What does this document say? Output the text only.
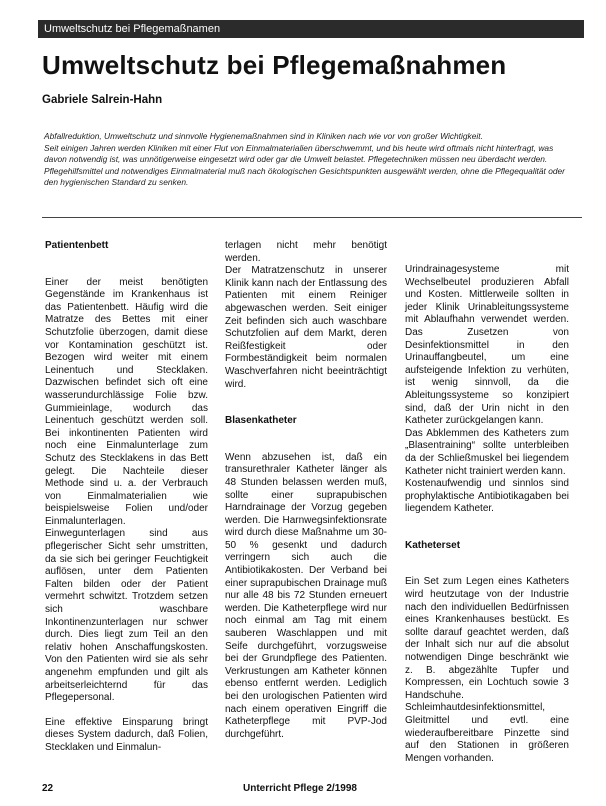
Umweltschutz bei Pflegemaßnamen
Umweltschutz bei Pflegemaßnahmen
Gabriele Salrein-Hahn

Abfallreduktion, Umweltschutz und sinnvolle Hygienemaßnahmen sind in Kliniken nach wie vor von großer Wichtigkeit.

Seit einigen Jahren werden Kliniken mit einer Flut von Einmalmaterialien überschwemmt, und bis heute wird oftmals nicht hinterfragt, was davon notwendig ist, was unnötigerweise eingesetzt wird oder gar die Umwelt belastet. Pflegetechniken müssen neu überdacht werden. Pflegehilfsmittel und notwendiges Einmalmaterial muß nach ökologischen Gesichtspunkten ausgewählt werden, ohne die Pflegequalität oder den hygienischen Standard zu senken.

Patientenbett

Einer der meist benötigten Gegenstände im Krankenhaus ist das Patientenbett. Häufig wird die Matratze des Bettes mit einer Schutzfolie überzogen, damit diese vor Kontamination geschützt ist. Bezogen wird weiter mit einem Leinentuch und Stecklaken. Dazwischen befindet sich oft eine wasserundurchlässige Folie bzw. Gummieinlage, wodurch das Leinentuch geschützt werden soll. Bei inkontinenten Patienten wird noch eine Einmalunterlage zum Schutz des Stecklakens in das Bett gelegt. Die Nachteile dieser Methode sind u. a. der Verbrauch von Einmalmaterialien wie beispielsweise Folien und/oder Einmalunterlagen. Einwegunterlagen sind aus pflegerischer Sicht sehr umstritten, da sie sich bei geringer Feuchtigkeit auflösen, unter dem Patienten Falten bilden oder der Patient vermehrt schwitzt. Trotzdem setzen sich waschbare Inkontinenzunterlagen nur schwer durch. Dies liegt zum Teil an den relativ hohen Anschaffungskosten. Von den Patienten wird sie als sehr angenehm empfunden und gilt als arbeitserleichternd für das Pflegepersonal.

Eine effektive Einsparung bringt dieses System dadurch, daß Folien, Stecklaken und Einmalun-

terlagen nicht mehr benötigt werden.

Der Matratzenschutz in unserer Klinik kann nach der Entlassung des Patienten mit einem Reiniger abgewaschen werden. Seit einiger Zeit befinden sich auch waschbare Schutzfolien auf dem Markt, deren Reißfestigkeit oder Formbeständigkeit beim normalen Waschverfahren nicht beeinträchtigt wird.

Blasenkatheter

Wenn abzusehen ist, daß ein transurethraler Katheter länger als 48 Stunden belassen werden muß, sollte einer suprapubischen Harndrainage der Vorzug gegeben werden. Die Harnwegsinfektionsrate wird durch diese Maßnahme um 30-50 % gesenkt und dadurch verringern sich auch die Antibiotikakosten. Der Verband bei einer suprapubischen Drainage muß nur alle 48 bis 72 Stunden erneuert werden. Die Katheterpflege wird nur noch einmal am Tag mit einem sauberen Waschlappen und mit Seife durchgeführt, vorzugsweise bei der Grundpflege des Patienten. Verkrustungen am Katheter können ebenso entfernt werden. Lediglich bei den urologischen Patienten wird nach einem operativen Eingriff die Katheterpflege mit PVP-Jod durchgeführt.

Urindrainagesysteme mit Wechselbeutel produzieren Abfall und Kosten. Mittlerweile sollten in jeder Klinik Urinableitungssysteme mit Ablaufhahn verwendet werden. Das Zusetzen von Desinfektionsmittel in den Urinauffangbeutel, um eine aufsteigende Infektion zu verhüten, ist wenig sinnvoll, da die Ableitungssysteme so konzipiert sind, daß der Urin nicht in den Katheter zurückgelangen kann.

Das Abklemmen des Katheters zum „Blasentraining“ sollte unterbleiben da der Schließmuskel bei liegendem Katheter nicht trainiert werden kann.

Kostenaufwendig und sinnlos sind prophylaktische Antibiotikagaben bei liegendem Katheter.

Katheterset

Ein Set zum Legen eines Katheters wird heutzutage von der Industrie nach den individuellen Bedürfnissen eines Krankenhauses bestückt. Es sollte darauf geachtet werden, daß der Inhalt sich nur auf die absolut notwendigen Dinge beschränkt wie z. B. abgezählte Tupfer und Kompressen, ein Lochtuch sowie 3 Handschuhe. Schleimhautdesinfektionsmittel, Gleitmittel und evtl. eine wiederaufbereitbare Pinzette sind auf den Stationen in größeren Mengen vorhanden.

22	Unterricht Pflege 2/1998
